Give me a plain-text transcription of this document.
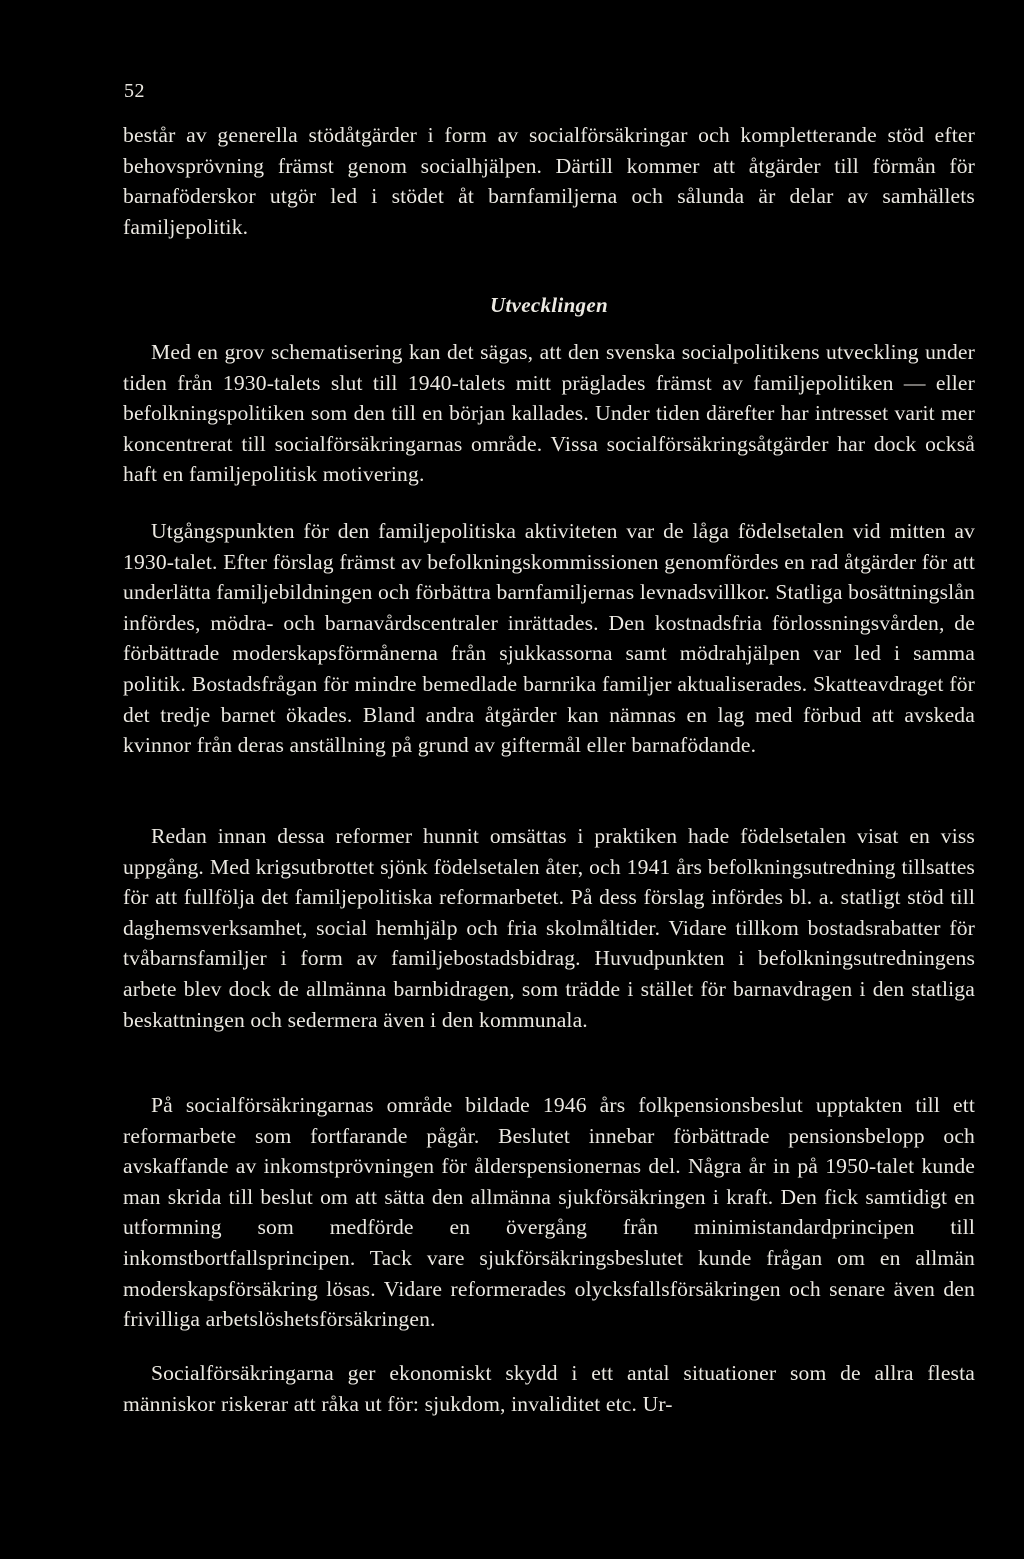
52

består av generella stödåtgärder i form av socialförsäkringar och kompletterande stöd efter behovsprövning främst genom socialhjälpen. Därtill kommer att åtgärder till förmån för barnaföderskor utgör led i stödet åt barnfamiljerna och sålunda är delar av samhällets familjepolitik.

Utvecklingen

Med en grov schematisering kan det sägas, att den svenska socialpolitikens utveckling under tiden från 1930-talets slut till 1940-talets mitt präglades främst av familjepolitiken — eller befolkningspolitiken som den till en början kallades. Under tiden därefter har intresset varit mer koncentrerat till socialförsäkringarnas område. Vissa socialförsäkringsåtgärder har dock också haft en familjepolitisk motivering.

Utgångspunkten för den familjepolitiska aktiviteten var de låga födelsetalen vid mitten av 1930-talet. Efter förslag främst av befolkningskommissionen genomfördes en rad åtgärder för att underlätta familjebildningen och förbättra barnfamiljernas levnadsvillkor. Statliga bosättningslån infördes, mödra- och barnavårdscentraler inrättades. Den kostnadsfria förlossningsvården, de förbättrade moderskapsförmånerna från sjukkassorna samt mödrahjälpen var led i samma politik. Bostadsfrågan för mindre bemedlade barnrika familjer aktualiserades. Skatteavdraget för det tredje barnet ökades. Bland andra åtgärder kan nämnas en lag med förbud att avskeda kvinnor från deras anställning på grund av giftermål eller barnafödande.

Redan innan dessa reformer hunnit omsättas i praktiken hade födelsetalen visat en viss uppgång. Med krigsutbrottet sjönk födelsetalen åter, och 1941 års befolkningsutredning tillsattes för att fullfölja det familjepolitiska reformarbetet. På dess förslag infördes bl. a. statligt stöd till daghemsverksamhet, social hemhjälp och fria skolmåltider. Vidare tillkom bostadsrabatter för tvåbarnsfamiljer i form av familjebostadsbidrag. Huvudpunkten i befolkningsutredningens arbete blev dock de allmänna barnbidragen, som trädde i stället för barnavdragen i den statliga beskattningen och sedermera även i den kommunala.

På socialförsäkringarnas område bildade 1946 års folkpensionsbeslut upptakten till ett reformarbete som fortfarande pågår. Beslutet innebar förbättrade pensionsbelopp och avskaffande av inkomstprövningen för ålderspensionernas del. Några år in på 1950-talet kunde man skrida till beslut om att sätta den allmänna sjukförsäkringen i kraft. Den fick samtidigt en utformning som medförde en övergång från minimistandardprincipen till inkomstbortfallsprincipen. Tack vare sjukförsäkringsbeslutet kunde frågan om en allmän moderskapsförsäkring lösas. Vidare reformerades olycksfallsförsäkringen och senare även den frivilliga arbetslöshetsförsäkringen.

Socialförsäkringarna ger ekonomiskt skydd i ett antal situationer som de allra flesta människor riskerar att råka ut för: sjukdom, invaliditet etc. Ur-
